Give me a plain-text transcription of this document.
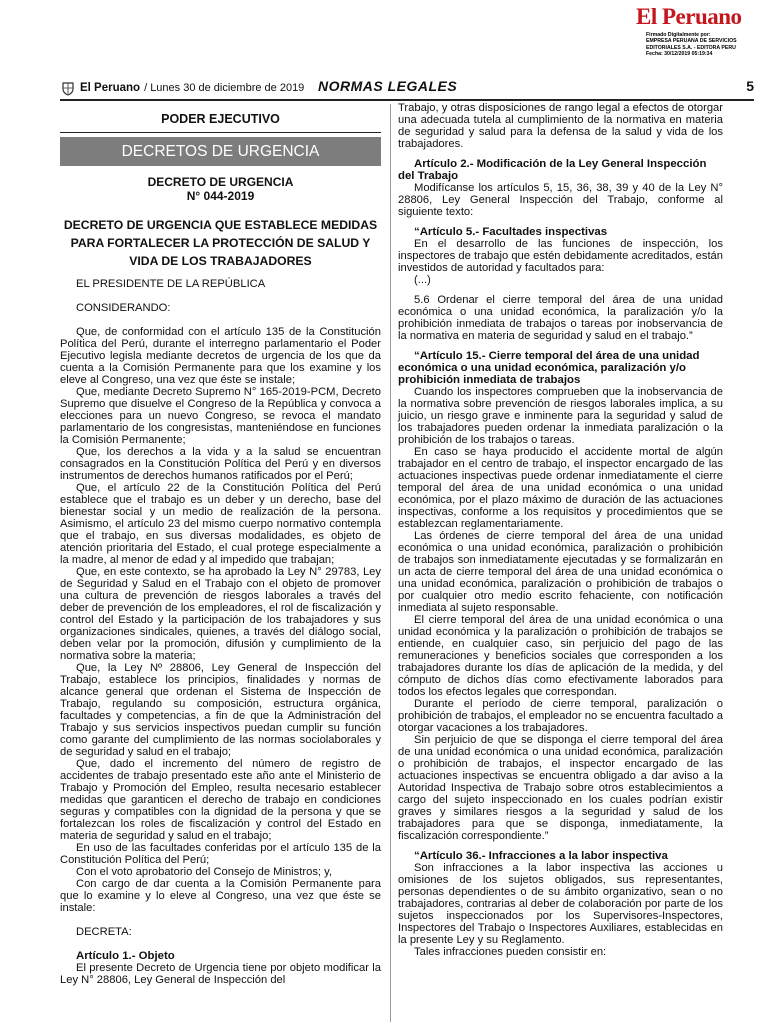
El Peruano
Firmado Digitalmente por:
EMPRESA PERUANA DE SERVICIOS
EDITORIALES S.A. - EDITORA PERU
Fecha: 30/12/2019 05:19:34
El Peruano / Lunes 30 de diciembre de 2019 NORMAS LEGALES	5
PODER EJECUTIVO
DECRETOS DE URGENCIA
DECRETO DE URGENCIA
N° 044-2019
DECRETO DE URGENCIA QUE ESTABLECE MEDIDAS PARA FORTALECER LA PROTECCIÓN DE SALUD Y VIDA DE LOS TRABAJADORES

EL PRESIDENTE DE LA REPÚBLICA

CONSIDERANDO:

Que, de conformidad con el artículo 135 de la Constitución Política del Perú, durante el interregno parlamentario el Poder Ejecutivo legisla mediante decretos de urgencia de los que da cuenta a la Comisión Permanente para que los examine y los eleve al Congreso, una vez que éste se instale;

Que, mediante Decreto Supremo N° 165-2019-PCM, Decreto Supremo que disuelve el Congreso de la República y convoca a elecciones para un nuevo Congreso, se revoca el mandato parlamentario de los congresistas, manteniéndose en funciones la Comisión Permanente;

Que, los derechos a la vida y a la salud se encuentran consagrados en la Constitución Política del Perú y en diversos instrumentos de derechos humanos ratificados por el Perú;

Que, el artículo 22 de la Constitución Política del Perú establece que el trabajo es un deber y un derecho, base del bienestar social y un medio de realización de la persona. Asimismo, el artículo 23 del mismo cuerpo normativo contempla que el trabajo, en sus diversas modalidades, es objeto de atención prioritaria del Estado, el cual protege especialmente a la madre, al menor de edad y al impedido que trabajan;

Que, en este contexto, se ha aprobado la Ley N° 29783, Ley de Seguridad y Salud en el Trabajo con el objeto de promover una cultura de prevención de riesgos laborales a través del deber de prevención de los empleadores, el rol de fiscalización y control del Estado y la participación de los trabajadores y sus organizaciones sindicales, quienes, a través del diálogo social, deben velar por la promoción, difusión y cumplimiento de la normativa sobre la materia;

Que, la Ley Nº 28806, Ley General de Inspección del Trabajo, establece los principios, finalidades y normas de alcance general que ordenan el Sistema de Inspección de Trabajo, regulando su composición, estructura orgánica, facultades y competencias, a fin de que la Administración del Trabajo y sus servicios inspectivos puedan cumplir su función como garante del cumplimiento de las normas sociolaborales y de seguridad y salud en el trabajo;

Que, dado el incremento del número de registro de accidentes de trabajo presentado este año ante el Ministerio de Trabajo y Promoción del Empleo, resulta necesario establecer medidas que garanticen el derecho de trabajo en condiciones seguras y compatibles con la dignidad de la persona y que se fortalezcan los roles de fiscalización y control del Estado en materia de seguridad y salud en el trabajo;

En uso de las facultades conferidas por el artículo 135 de la Constitución Política del Perú;

Con el voto aprobatorio del Consejo de Ministros; y,

Con cargo de dar cuenta a la Comisión Permanente para que lo examine y lo eleve al Congreso, una vez que éste se instale:

DECRETA:

Artículo 1.- Objeto

El presente Decreto de Urgencia tiene por objeto modificar la Ley N° 28806, Ley General de Inspección del

Trabajo, y otras disposiciones de rango legal a efectos de otorgar una adecuada tutela al cumplimiento de la normativa en materia de seguridad y salud para la defensa de la salud y vida de los trabajadores.

Artículo 2.- Modificación de la Ley General Inspección del Trabajo

Modifícanse los artículos 5, 15, 36, 38, 39 y 40 de la Ley N° 28806, Ley General Inspección del Trabajo, conforme al siguiente texto:

“Artículo 5.- Facultades inspectivas

En el desarrollo de las funciones de inspección, los inspectores de trabajo que estén debidamente acreditados, están investidos de autoridad y facultados para:

(...)

5.6 Ordenar el cierre temporal del área de una unidad económica o una unidad económica, la paralización y/o la prohibición inmediata de trabajos o tareas por inobservancia de la normativa en materia de seguridad y salud en el trabajo.”

“Artículo 15.- Cierre temporal del área de una unidad económica o una unidad económica, paralización y/o prohibición inmediata de trabajos

Cuando los inspectores comprueben que la inobservancia de la normativa sobre prevención de riesgos laborales implica, a su juicio, un riesgo grave e inminente para la seguridad y salud de los trabajadores pueden ordenar la inmediata paralización o la prohibición de los trabajos o tareas.

En caso se haya producido el accidente mortal de algún trabajador en el centro de trabajo, el inspector encargado de las actuaciones inspectivas puede ordenar inmediatamente el cierre temporal del área de una unidad económica o una unidad económica, por el plazo máximo de duración de las actuaciones inspectivas, conforme a los requisitos y procedimientos que se establezcan reglamentariamente.

Las órdenes de cierre temporal del área de una unidad económica o una unidad económica, paralización o prohibición de trabajos son inmediatamente ejecutadas y se formalizarán en un acta de cierre temporal del área de una unidad económica o una unidad económica, paralización o prohibición de trabajos o por cualquier otro medio escrito fehaciente, con notificación inmediata al sujeto responsable.

El cierre temporal del área de una unidad económica o una unidad económica y la paralización o prohibición de trabajos se entiende, en cualquier caso, sin perjuicio del pago de las remuneraciones y beneficios sociales que corresponden a los trabajadores durante los días de aplicación de la medida, y del cómputo de dichos días como efectivamente laborados para todos los efectos legales que correspondan.

Durante el período de cierre temporal, paralización o prohibición de trabajos, el empleador no se encuentra facultado a otorgar vacaciones a los trabajadores.

Sin perjuicio de que se disponga el cierre temporal del área de una unidad económica o una unidad económica, paralización o prohibición de trabajos, el inspector encargado de las actuaciones inspectivas se encuentra obligado a dar aviso a la Autoridad Inspectiva de Trabajo sobre otros establecimientos a cargo del sujeto inspeccionado en los cuales podrían existir graves y similares riesgos a la seguridad y salud de los trabajadores para que se disponga, inmediatamente, la fiscalización correspondiente.”

“Artículo 36.- Infracciones a la labor inspectiva

Son infracciones a la labor inspectiva las acciones u omisiones de los sujetos obligados, sus representantes, personas dependientes o de su ámbito organizativo, sean o no trabajadores, contrarias al deber de colaboración por parte de los sujetos inspeccionados por los Supervisores-Inspectores, Inspectores del Trabajo o Inspectores Auxiliares, establecidas en la presente Ley y su Reglamento.

Tales infracciones pueden consistir en:
